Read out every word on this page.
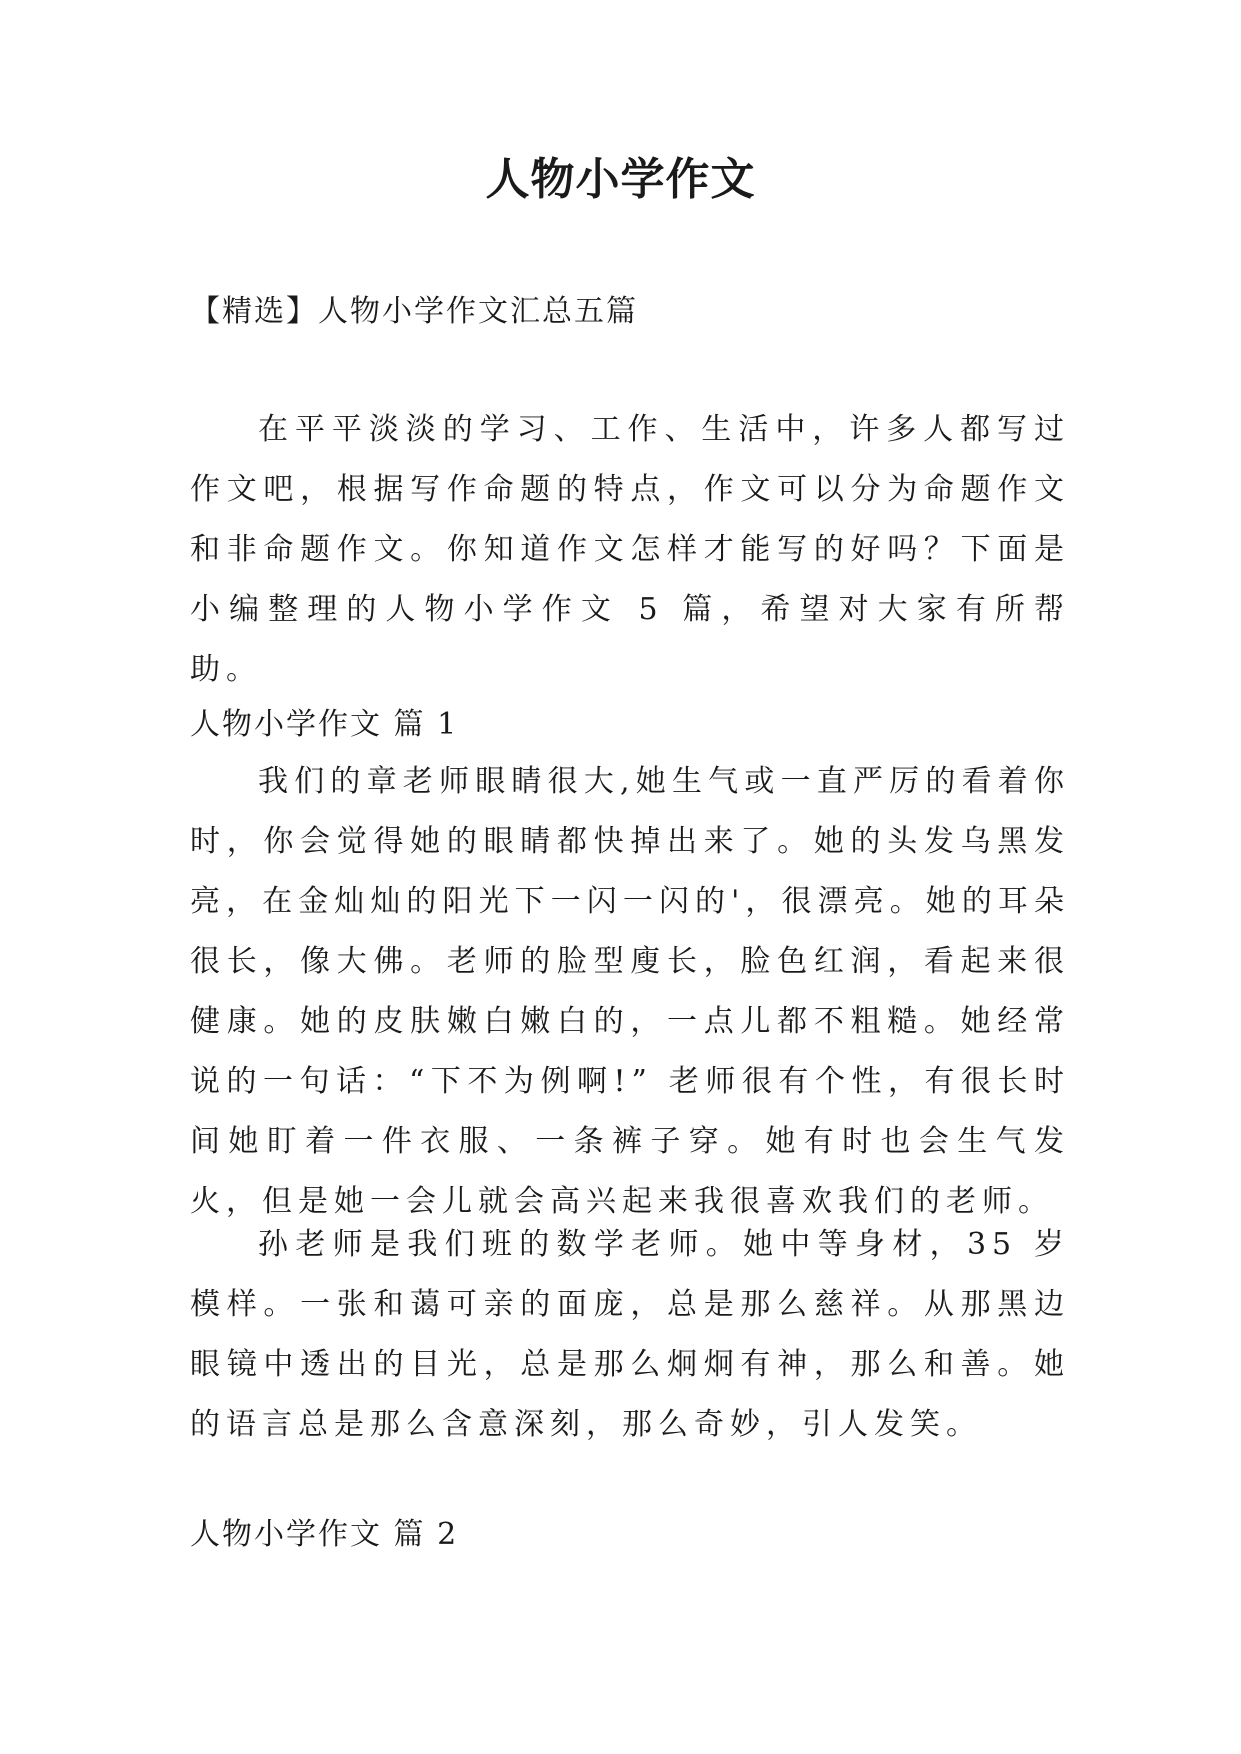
人物小学作文

【精选】人物小学作文汇总五篇

在平平淡淡的学习、工作、生活中，许多人都写过作文吧，根据写作命题的特点，作文可以分为命题作文和非命题作文。你知道作文怎样才能写的好吗？下面是小编整理的人物小学作文 5 篇，希望对大家有所帮助。

人物小学作文 篇 1

我们的章老师眼睛很大,她生气或一直严厉的看着你时，你会觉得她的眼睛都快掉出来了。她的头发乌黑发亮，在金灿灿的阳光下一闪一闪的'，很漂亮。她的耳朵很长，像大佛。老师的脸型廋长，脸色红润，看起来很健康。她的皮肤嫩白嫩白的，一点儿都不粗糙。她经常说的一句话：“下不为例啊!” 老师很有个性，有很长时间她盯着一件衣服、一条裤子穿。她有时也会生气发火，但是她一会儿就会高兴起来我很喜欢我们的老师。

孙老师是我们班的数学老师。她中等身材，35 岁模样。一张和蔼可亲的面庞，总是那么慈祥。从那黑边眼镜中透出的目光，总是那么炯炯有神，那么和善。她的语言总是那么含意深刻，那么奇妙，引人发笑。

人物小学作文 篇 2
